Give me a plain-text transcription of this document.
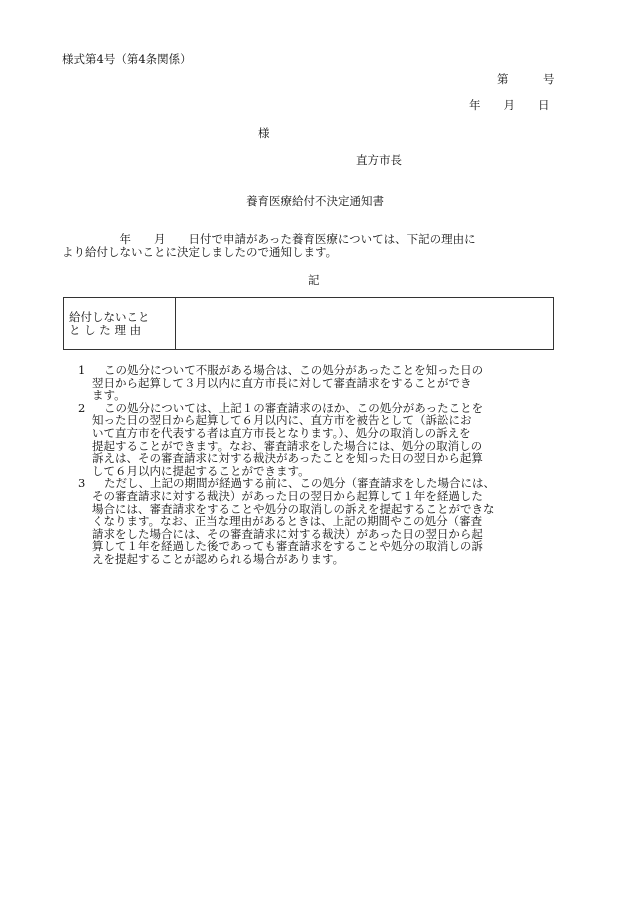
様式第4号（第4条関係）
第　　　号
年　　月　　日
様
直方市長
養育医療給付不決定通知書

　　　　　年　　月　　日付で申請があった養育医療については、下記の理由に

より給付しないことに決定しましたので通知します。

記
給付しないこと
と し た 理 由
1	この処分について不服がある場合は、この処分があったことを知った日の
翌日から起算して３月以内に直方市長に対して審査請求をすることができ
ます。
2	この処分については、上記１の審査請求のほか、この処分があったことを
知った日の翌日から起算して６月以内に、直方市を被告として（訴訟にお
いて直方市を代表する者は直方市長となります。）、処分の取消しの訴えを
提起することができます。なお、審査請求をした場合には、処分の取消しの
訴えは、その審査請求に対する裁決があったことを知った日の翌日から起算
して６月以内に提起することができます。
3	ただし、上記の期間が経過する前に、この処分（審査請求をした場合には、
その審査請求に対する裁決）があった日の翌日から起算して１年を経過した
場合には、審査請求をすることや処分の取消しの訴えを提起することができな
くなります。なお、正当な理由があるときは、上記の期間やこの処分（審査
請求をした場合には、その審査請求に対する裁決）があった日の翌日から起
算して１年を経過した後であっても審査請求をすることや処分の取消しの訴
えを提起することが認められる場合があります。
